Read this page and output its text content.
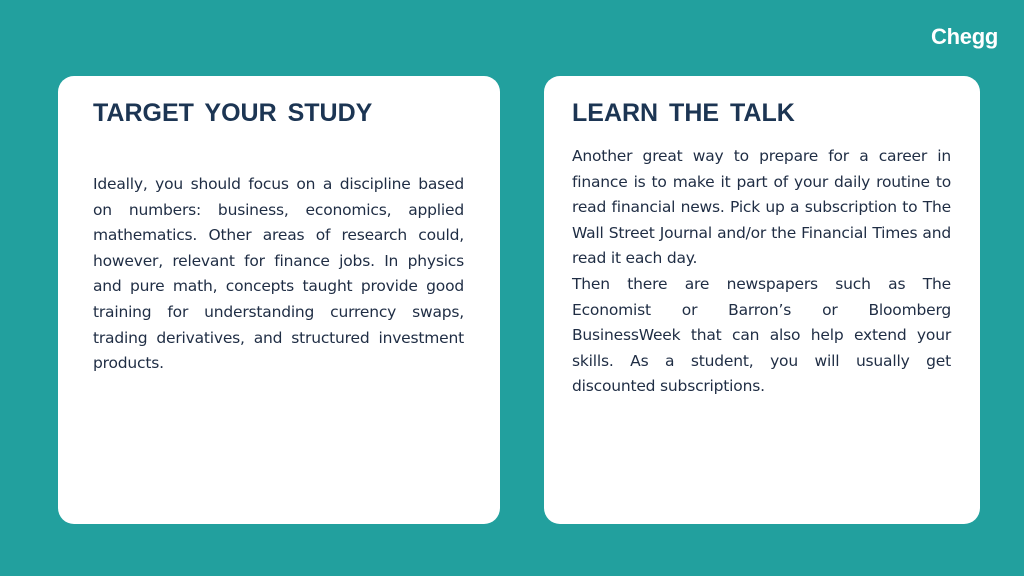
Chegg
TARGET YOUR STUDY

Ideally, you should focus on a discipline based on numbers: business, economics, applied mathematics. Other areas of research could, however, relevant for finance jobs. In physics and pure math, concepts taught provide good training for understanding currency swaps, trading derivatives, and structured investment products.

LEARN THE TALK

Another great way to prepare for a career in finance is to make it part of your daily routine to read financial news. Pick up a subscription to The Wall Street Journal and/or the Financial Times and read it each day.

Then there are newspapers such as The Economist or Barron’s or Bloomberg BusinessWeek that can also help extend your skills. As a student, you will usually get discounted subscriptions.
